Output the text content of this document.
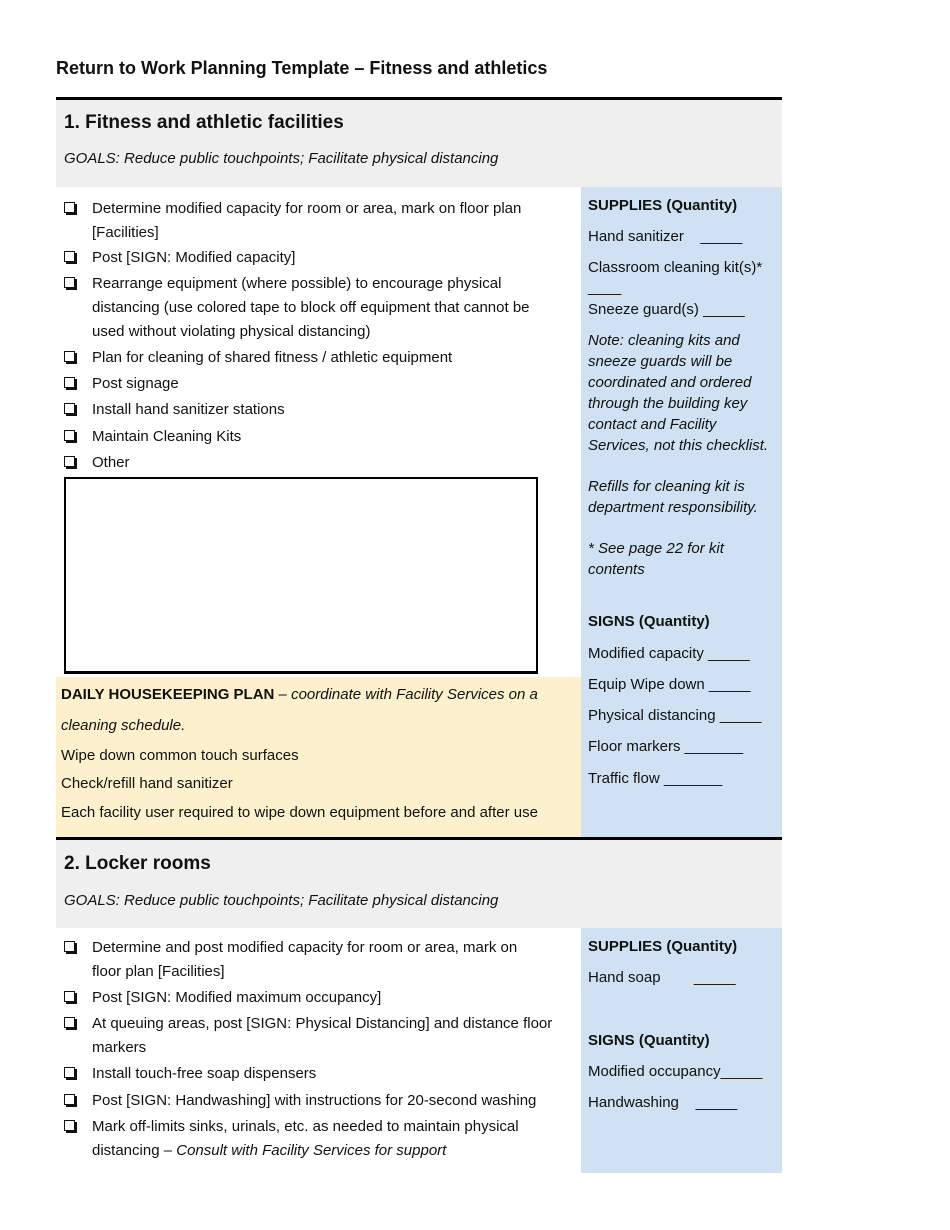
Return to Work Planning Template – Fitness and athletics
1. Fitness and athletic facilities

GOALS: Reduce public touchpoints; Facilitate physical distancing

Determine modified capacity for room or area, mark on floor plan
[Facilities]
Post [SIGN: Modified capacity]
Rearrange equipment (where possible) to encourage physical
distancing (use colored tape to block off equipment that cannot be
used without violating physical distancing)
Plan for cleaning of shared fitness / athletic equipment
Post signage
Install hand sanitizer stations
Maintain Cleaning Kits
Other
DAILY HOUSEKEEPING PLAN – coordinate with Facility Services on a
cleaning schedule.
Wipe down common touch surfaces
Check/refill hand sanitizer
Each facility user required to wipe down equipment before and after use
SUPPLIES (Quantity)
Hand sanitizer    _____
Classroom cleaning kit(s)*
____
Sneeze guard(s) _____
Note: cleaning kits and sneeze guards will be coordinated and ordered through the building key contact and Facility Services, not this checklist.
Refills for cleaning kit is department responsibility.
* See page 22 for kit contents
SIGNS (Quantity)
Modified capacity _____
Equip Wipe down _____
Physical distancing _____
Floor markers _______
Traffic flow _______
2. Locker rooms

GOALS: Reduce public touchpoints; Facilitate physical distancing

Determine and post modified capacity for room or area, mark on
floor plan [Facilities]
Post [SIGN: Modified maximum occupancy]
At queuing areas, post [SIGN: Physical Distancing] and distance floor
markers
Install touch-free soap dispensers
Post [SIGN: Handwashing] with instructions for 20-second washing
Mark off-limits sinks, urinals, etc. as needed to maintain physical
distancing – Consult with Facility Services for support
SUPPLIES (Quantity)
Hand soap        _____
SIGNS (Quantity)
Modified occupancy_____
Handwashing    _____
